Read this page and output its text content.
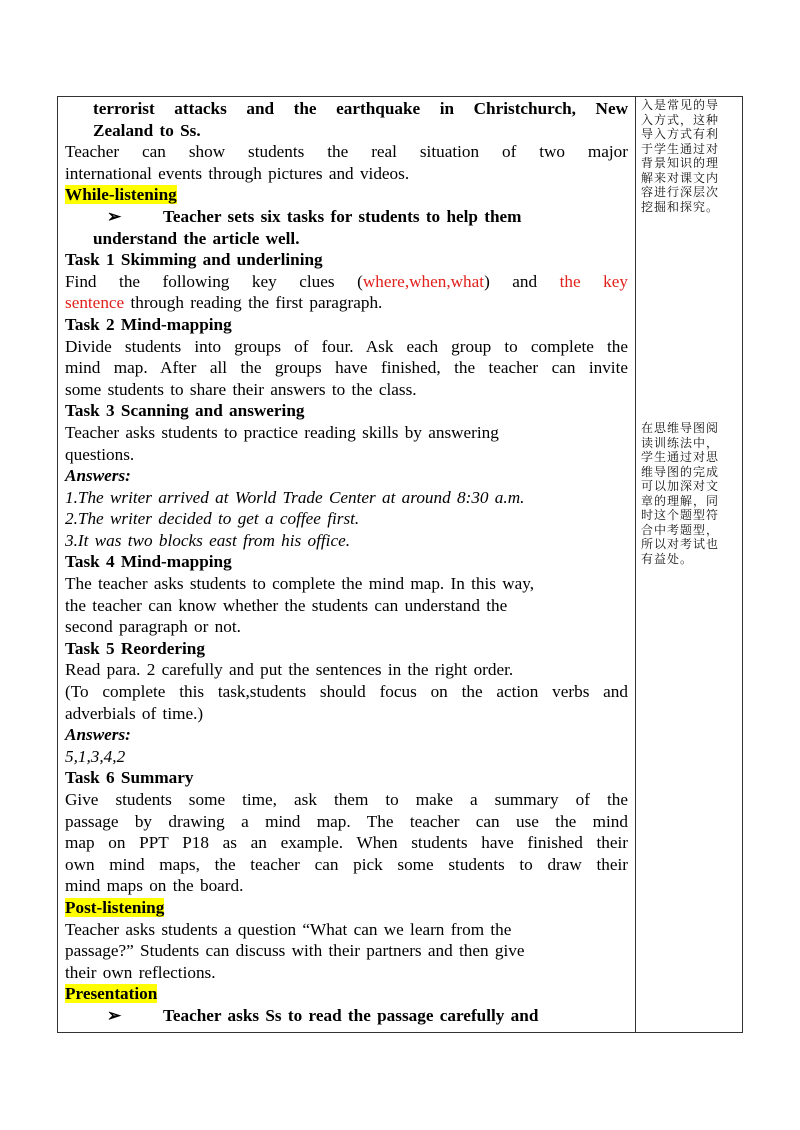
terrorist attacks and the earthquake in Christchurch, New
Zealand to Ss.
Teacher can show students the real situation of two major
international events through pictures and videos.
While-listening
➢ Teacher sets six tasks for students to help them
understand the article well.
Task 1 Skimming and underlining
Find the following key clues (where,when,what) and the key
sentence through reading the first paragraph.
Task 2 Mind-mapping
Divide students into groups of four. Ask each group to complete the
mind map. After all the groups have finished, the teacher can invite
some students to share their answers to the class.
Task 3 Scanning and answering
Teacher asks students to practice reading skills by answering
questions.
Answers:
1.The writer arrived at World Trade Center at around 8:30 a.m.
2.The writer decided to get a coffee first.
3.It was two blocks east from his office.
Task 4 Mind-mapping
The teacher asks students to complete the mind map. In this way,
the teacher can know whether the students can understand the
second paragraph or not.
Task 5 Reordering
Read para. 2 carefully and put the sentences in the right order.
(To complete this task,students should focus on the action verbs and
adverbials of time.)
Answers:
5,1,3,4,2
Task 6 Summary
Give students some time, ask them to make a summary of the
passage by drawing a mind map. The teacher can use the mind
map on PPT P18 as an example. When students have finished their
own mind maps, the teacher can pick some students to draw their
mind maps on the board.
Post-listening
Teacher asks students a question “What can we learn from the
passage?” Students can discuss with their partners and then give
their own reflections.
Presentation
➢ Teacher asks Ss to read the passage carefully and
入是常见的导
入方式，这种
导入方式有利
于学生通过对
背景知识的理
解来对课文内
容进行深层次
挖掘和探究。
在思维导图阅
读训练法中，
学生通过对思
维导图的完成
可以加深对文
章的理解，同
时这个题型符
合中考题型，
所以对考试也
有益处。
